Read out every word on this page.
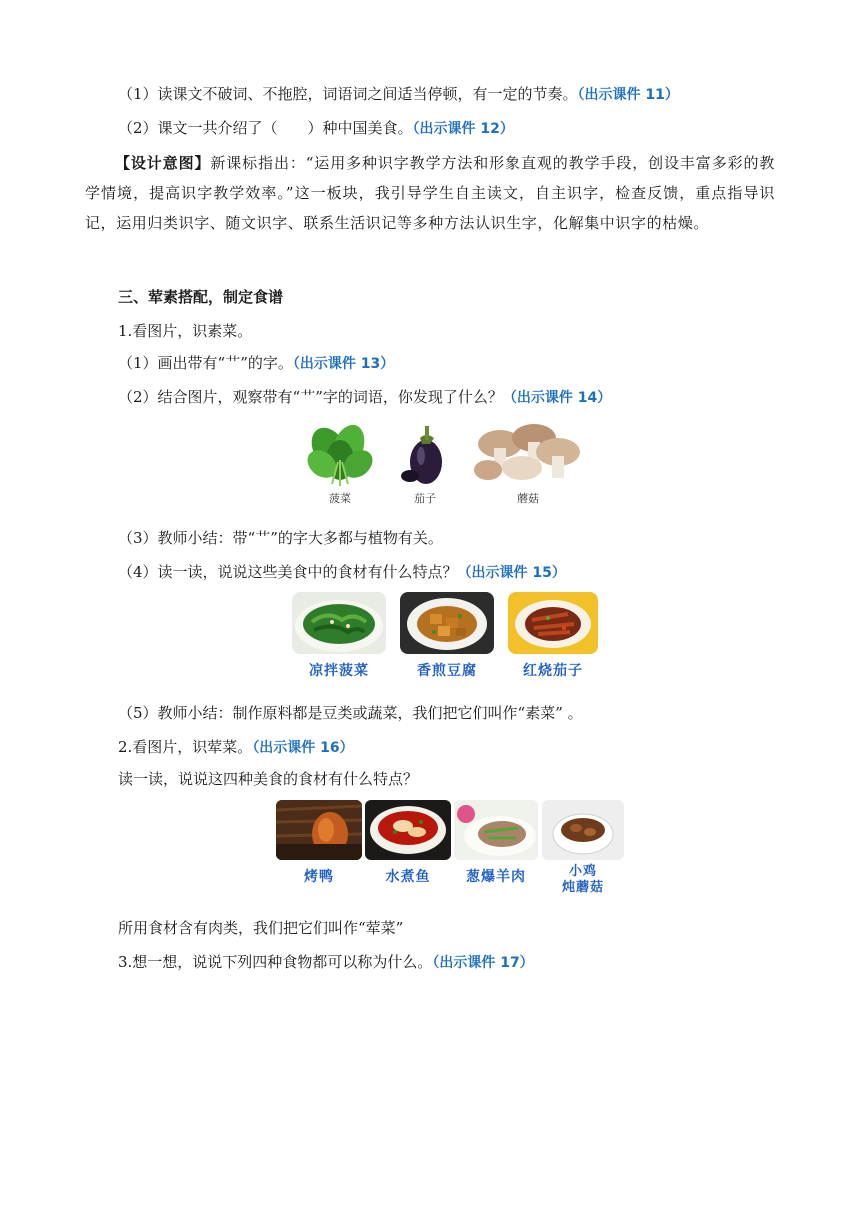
（1）读课文不破词、不拖腔，词语词之间适当停顿，有一定的节奏。（出示课件 11）
（2）课文一共介绍了（　　）种中国美食。（出示课件 12）
【设计意图】新课标指出：“运用多种识字教学方法和形象直观的教学手段，创设丰富多彩的教学情境，提高识字教学效率。”这一板块，我引导学生自主读文，自主识字，检查反馈，重点指导识记，运用归类识字、随文识字、联系生活识记等多种方法认识生字，化解集中识字的枯燥。
三、荤素搭配，制定食谱
1.看图片，识素菜。
（1）画出带有“艹”的字。（出示课件 13）
（2）结合图片，观察带有“艹”字的词语，你发现了什么？（出示课件 14）
菠菜	茄子	蘑菇
（3）教师小结：带“艹”的字大多都与植物有关。
（4）读一读，说说这些美食中的食材有什么特点？（出示课件 15）
凉拌菠菜	香煎豆腐	红烧茄子
（5）教师小结：制作原料都是豆类或蔬菜，我们把它们叫作“素菜” 。
2.看图片，识荤菜。（出示课件 16）
读一读，说说这四种美食的食材有什么特点？
烤鸭	水煮鱼	葱爆羊肉	小鸡
炖蘑菇
所用食材含有肉类，我们把它们叫作“荤菜”
3.想一想，说说下列四种食物都可以称为什么。（出示课件 17）
